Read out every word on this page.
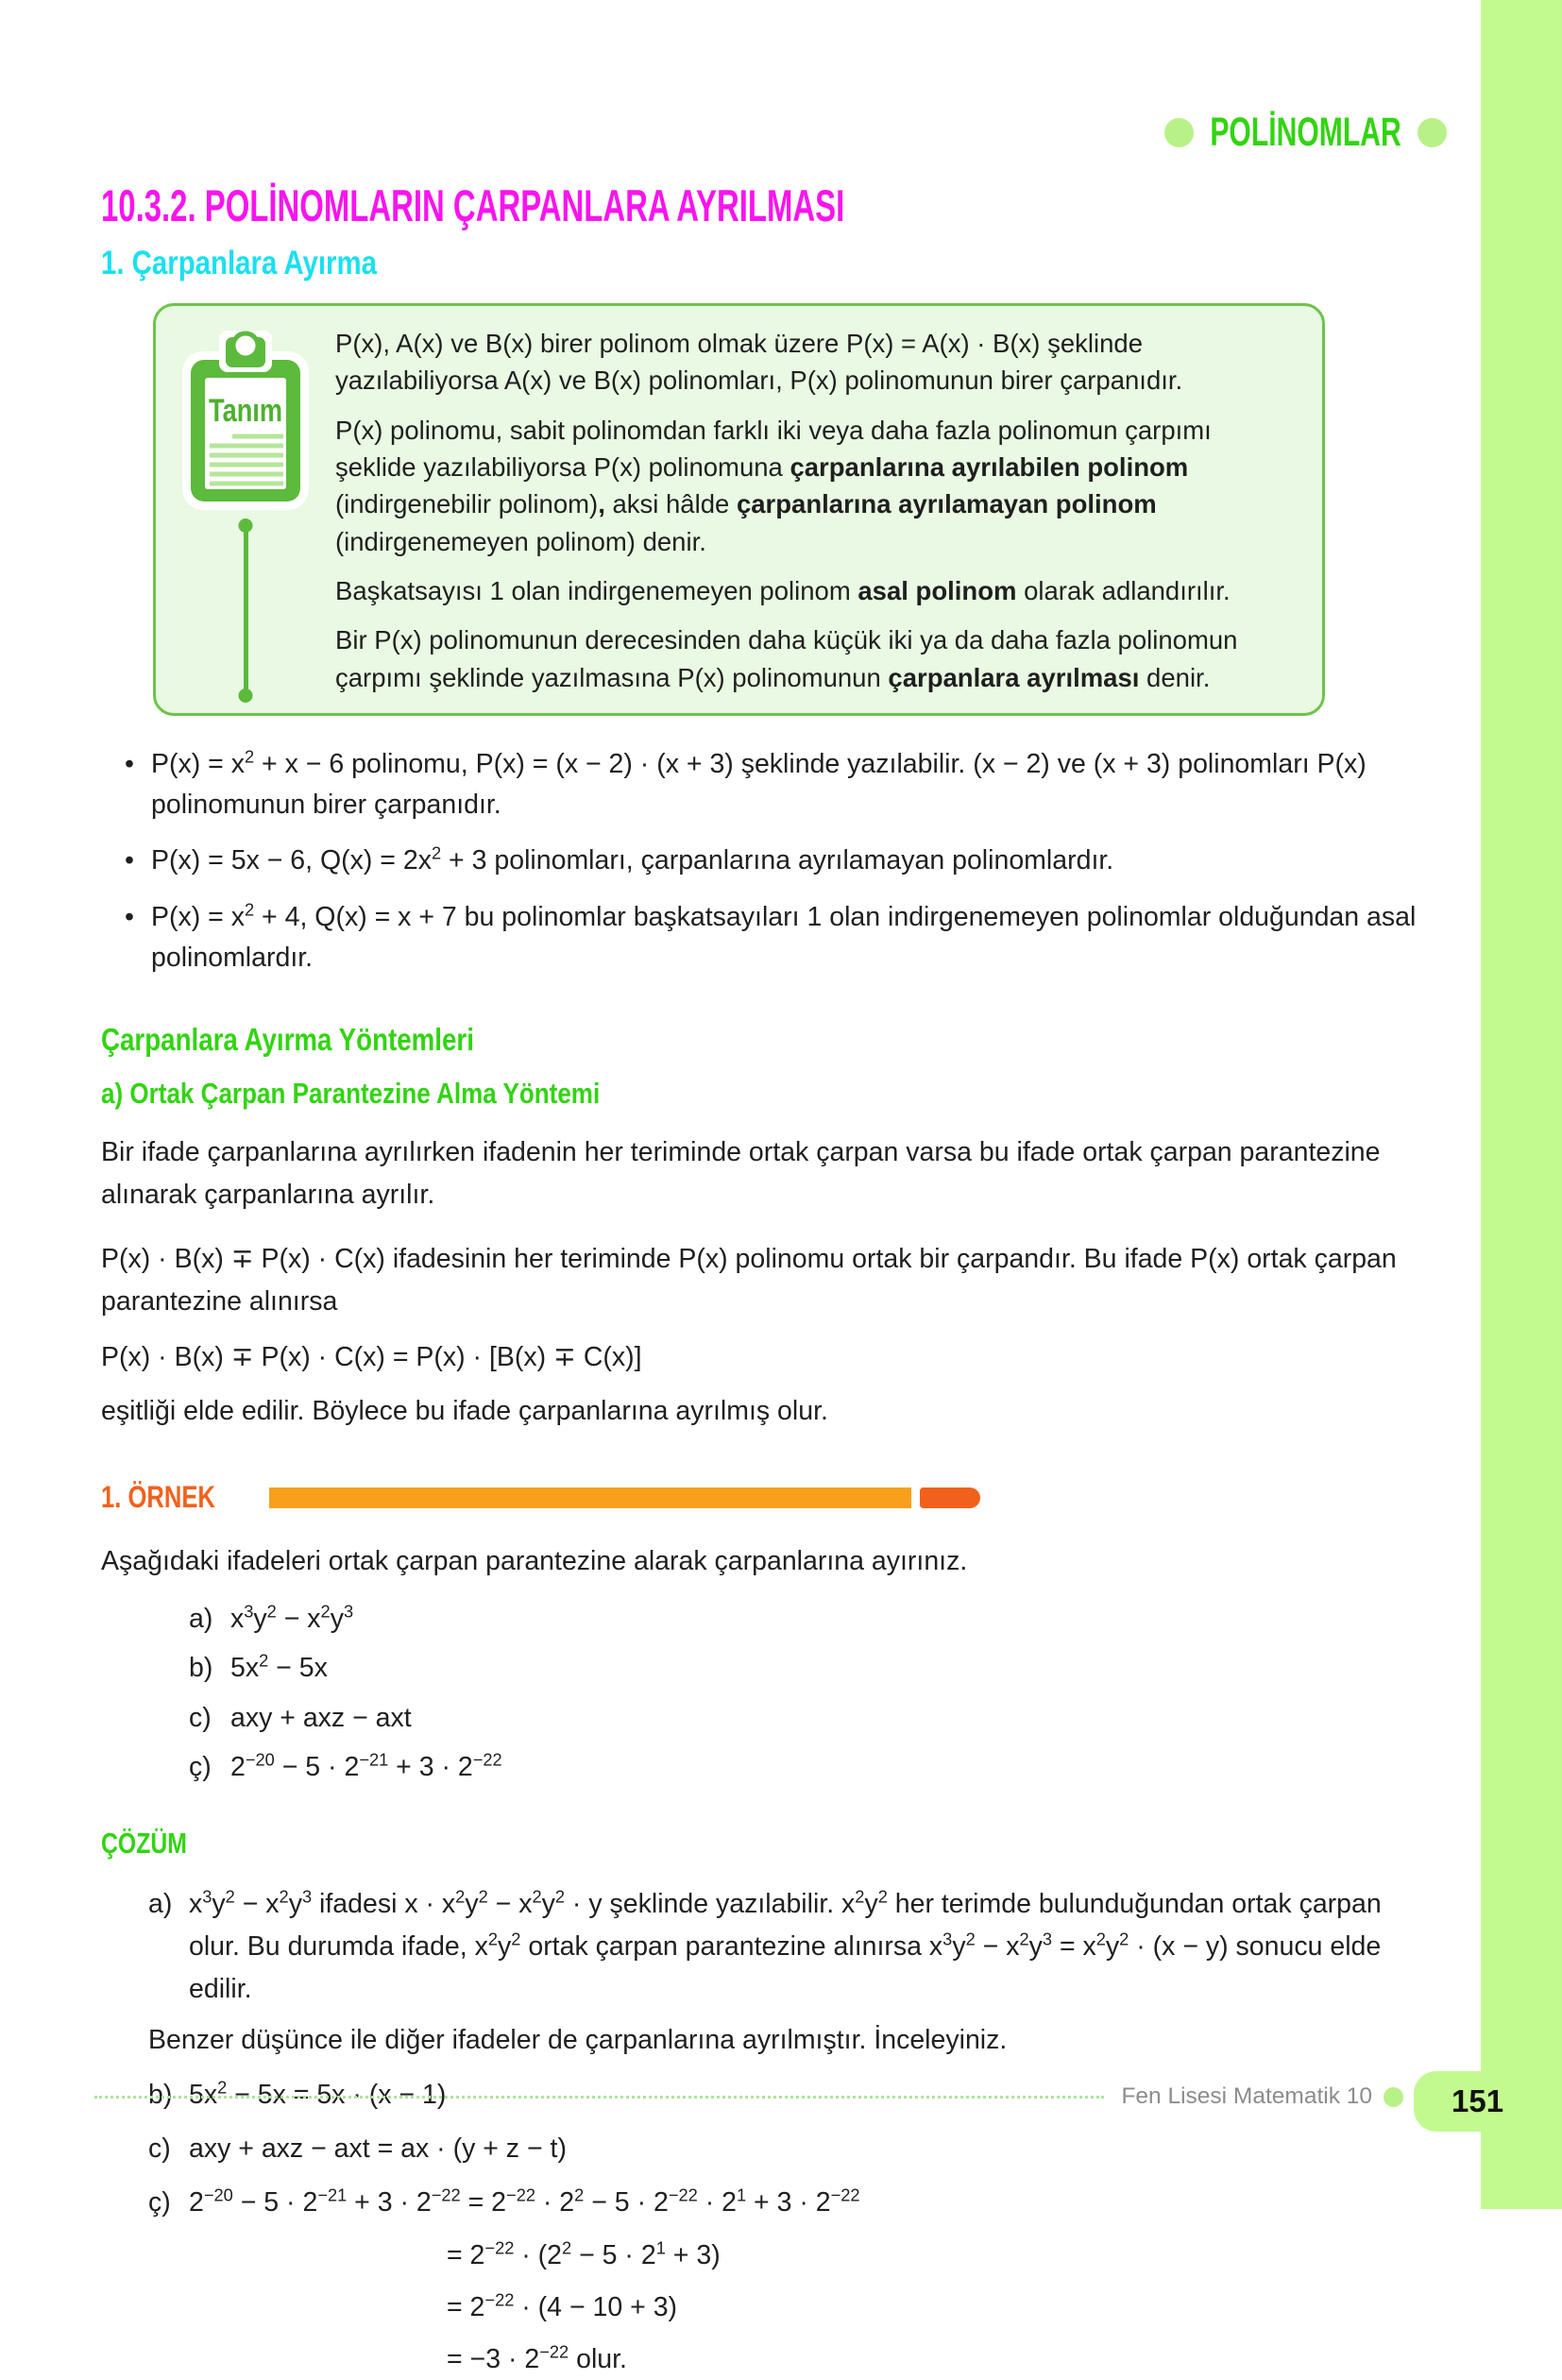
POLİNOMLAR
10.3.2. POLİNOMLARIN ÇARPANLARA AYRILMASI
1. Çarpanlara Ayırma
Tanım

P(x), A(x) ve B(x) birer polinom olmak üzere P(x) = A(x) · B(x) şeklinde yazılabiliyorsa A(x) ve B(x) polinomları, P(x) polinomunun birer çarpanıdır.

P(x) polinomu, sabit polinomdan farklı iki veya daha fazla polinomun çarpımı şeklide yazılabiliyorsa P(x) polinomuna çarpanlarına ayrılabilen polinom (indirgenebilir polinom), aksi hâlde çarpanlarına ayrılamayan polinom (indirgenemeyen polinom) denir.

Başkatsayısı 1 olan indirgenemeyen polinom asal polinom olarak adlandırılır.

Bir P(x) polinomunun derecesinden daha küçük iki ya da daha fazla polinomun çarpımı şeklinde yazılmasına P(x) polinomunun çarpanlara ayrılması denir.

• $P(x) = x^2 + x - 6$ polinomu, P(x) = (x − 2) · (x + 3) şeklinde yazılabilir. (x − 2) ve (x + 3) polinomları P(x) polinomunun birer çarpanıdır.
• P(x) = 5x − 6, $Q(x) = 2x^2 + 3$ polinomları, çarpanlarına ayrılamayan polinomlardır.
• $P(x) = x^2 + 4$, Q(x) = x + 7 bu polinomlar başkatsayıları 1 olan indirgenemeyen polinomlar olduğundan asal polinomlardır.
Çarpanlara Ayırma Yöntemleri
a) Ortak Çarpan Parantezine Alma Yöntemi

Bir ifade çarpanlarına ayrılırken ifadenin her teriminde ortak çarpan varsa bu ifade ortak çarpan parantezine alınarak çarpanlarına ayrılır.

P(x) · B(x) ∓ P(x) · C(x) ifadesinin her teriminde P(x) polinomu ortak bir çarpandır. Bu ifade P(x) ortak çarpan parantezine alınırsa

P(x) · B(x) ∓ P(x) · C(x) = P(x) · [B(x) ∓ C(x)]

eşitliği elde edilir. Böylece bu ifade çarpanlarına ayrılmış olur.

1. ÖRNEK

Aşağıdaki ifadeleri ortak çarpan parantezine alarak çarpanlarına ayırınız.

a) $x^3y^2 - x^2y^3$
b) $5x^2 - 5x$
c) axy + axz − axt
ç) $2^{-20} - 5 \cdot 2^{-21} + 3 \cdot 2^{-22}$
ÇÖZÜM
a) $x^3y^2 - x^2y^3$ ifadesi $x \cdot x^2y^2 - x^2y^2 \cdot y$ şeklinde yazılabilir. $x^2y^2$ her terimde bulunduğundan ortak çarpan olur. Bu durumda ifade, $x^2y^2$ ortak çarpan parantezine alınırsa $x^3y^2 - x^2y^3 = x^2y^2 \cdot (x - y)$ sonucu elde edilir.

Benzer düşünce ile diğer ifadeler de çarpanlarına ayrılmıştır. İnceleyiniz.

b) $5x^2 - 5x = 5x \cdot (x - 1)$
c) axy + axz − axt = ax · (y + z − t)
ç) $2^{-20} - 5 \cdot 2^{-21} + 3 \cdot 2^{-22} = 2^{-22} \cdot 2^2 - 5 \cdot 2^{-22} \cdot 2^1 + 3 \cdot 2^{-22}$
= $2^{-22} \cdot (2^2 - 5 \cdot 2^1 + 3)$
= $2^{-22} \cdot (4 - 10 + 3)$
= $-3 \cdot 2^{-22}$ olur.
Fen Lisesi Matematik 10	151
